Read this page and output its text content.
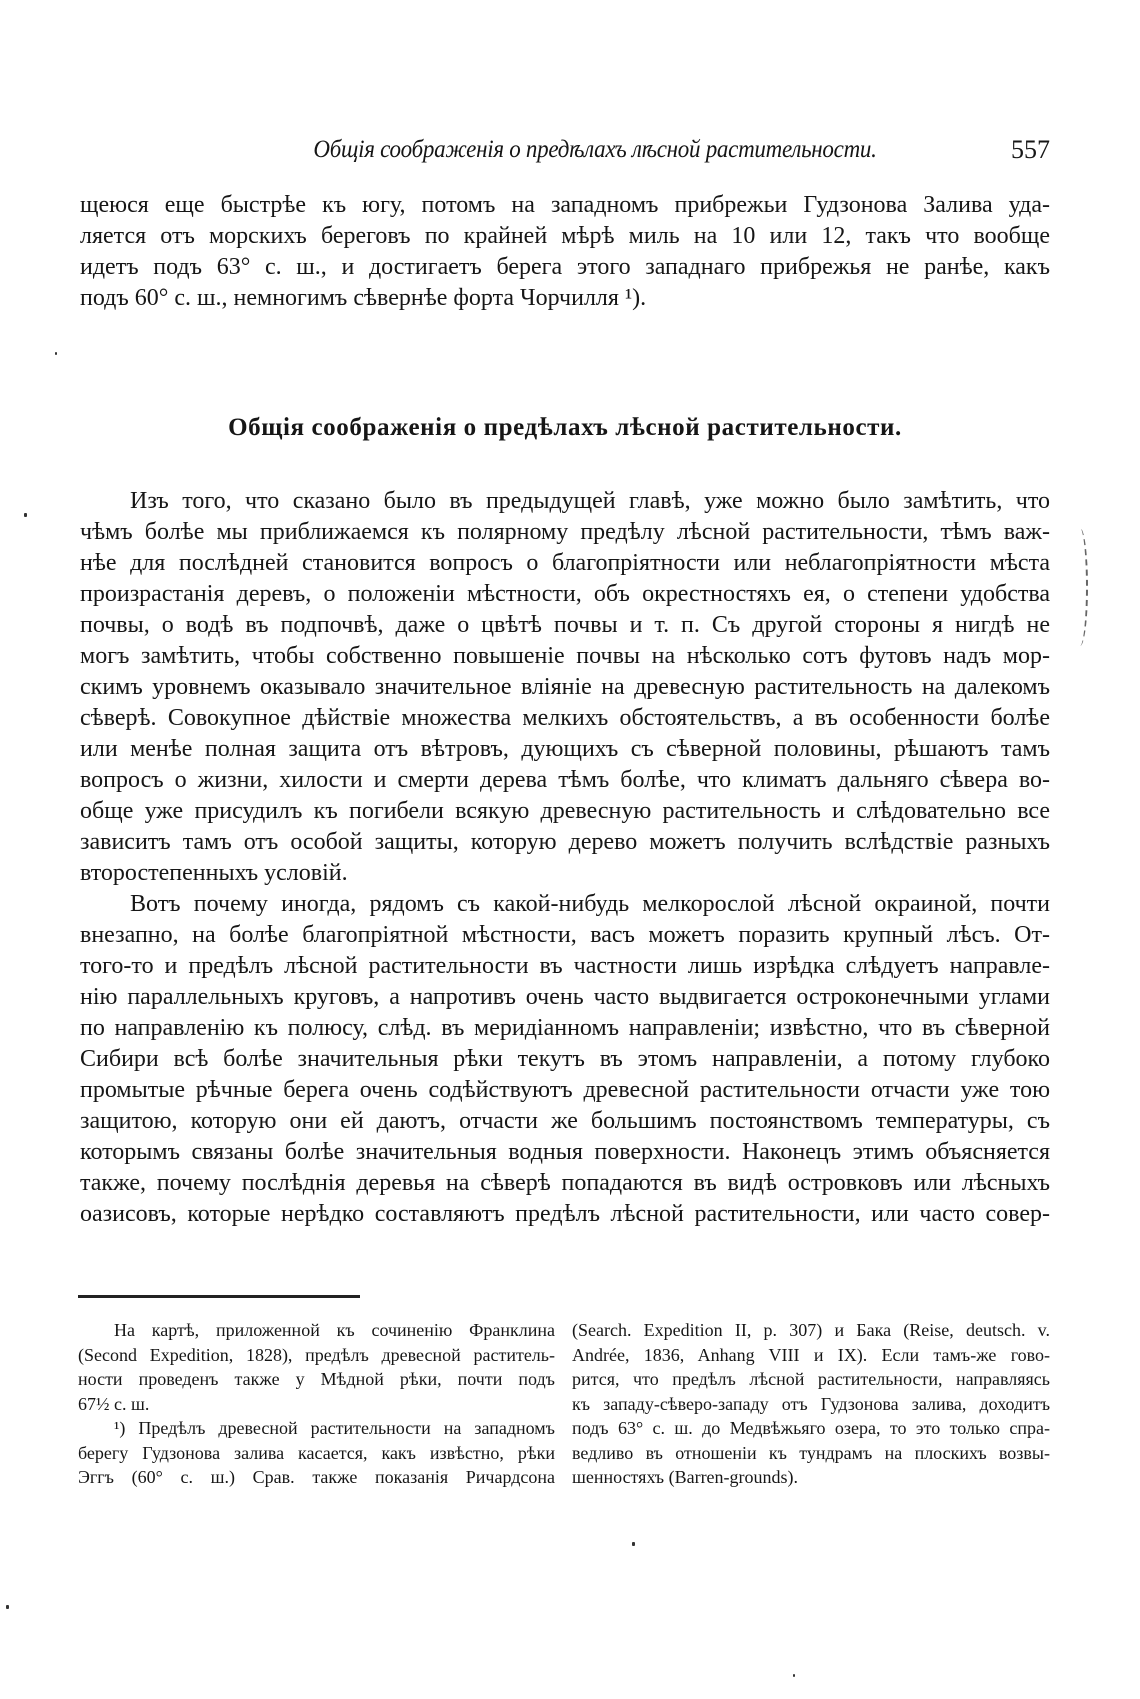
Общія соображенія о предѣлахъ лѣсной растительности.	557
щеюся еще быстрѣе къ югу, потомъ на западномъ прибрежьи Гудзонова Залива уда-
ляется отъ морскихъ береговъ по крайней мѣрѣ миль на 10 или 12, такъ что вообще
идетъ подъ 63° с. ш., и достигаетъ берега этого западнаго прибрежья не ранѣе, какъ
подъ 60° с. ш., немногимъ сѣвернѣе форта Чорчилля ¹).
Общія соображенія о предѣлахъ лѣсной растительности.
Изъ того, что сказано было въ предыдущей главѣ, уже можно было замѣтить, что
чѣмъ болѣе мы приближаемся къ полярному предѣлу лѣсной растительности, тѣмъ важ-
нѣе для послѣдней становится вопросъ о благопріятности или неблагопріятности мѣста
произрастанія деревъ, о положеніи мѣстности, объ окрестностяхъ ея, о степени удобства
почвы, о водѣ въ подпочвѣ, даже о цвѣтѣ почвы и т. п. Съ другой стороны я нигдѣ не
могъ замѣтить, чтобы собственно повышеніе почвы на нѣсколько сотъ футовъ надъ мор-
скимъ уровнемъ оказывало значительное вліяніе на древесную растительность на далекомъ
сѣверѣ. Совокупное дѣйствіе множества мелкихъ обстоятельствъ, а въ особенности болѣе
или менѣе полная защита отъ вѣтровъ, дующихъ съ сѣверной половины, рѣшаютъ тамъ
вопросъ о жизни, хилости и смерти дерева тѣмъ болѣе, что климатъ дальняго сѣвера во-
обще уже присудилъ къ погибели всякую древесную растительность и слѣдовательно все
зависитъ тамъ отъ особой защиты, которую дерево можетъ получить вслѣдствіе разныхъ
второстепенныхъ условій.
Вотъ почему иногда, рядомъ съ какой-нибудь мелкорослой лѣсной окраиной, почти
внезапно, на болѣе благопріятной мѣстности, васъ можетъ поразить крупный лѣсъ. От-
того-то и предѣлъ лѣсной растительности въ частности лишь изрѣдка слѣдуетъ направле-
нію параллельныхъ круговъ, а напротивъ очень часто выдвигается остроконечными углами
по направленію къ полюсу, слѣд. въ меридіанномъ направленіи; извѣстно, что въ сѣверной
Сибири всѣ болѣе значительныя рѣки текутъ въ этомъ направленіи, а потому глубоко
промытые рѣчные берега очень содѣйствуютъ древесной растительности отчасти уже тою
защитою, которую они ей даютъ, отчасти же большимъ постоянствомъ температуры, съ
которымъ связаны болѣе значительныя водныя поверхности. Наконецъ этимъ объясняется
также, почему послѣднія деревья на сѣверѣ попадаются въ видѣ островковъ или лѣсныхъ
оазисовъ, которые нерѣдко составляютъ предѣлъ лѣсной растительности, или часто совер-
На картѣ, приложенной къ сочиненію Франклина
(Second Expedition, 1828), предѣлъ древесной раститель-
ности проведенъ также у Мѣдной рѣки, почти подъ
67½ с. ш.
¹) Предѣлъ древесной растительности на западномъ
берегу Гудзонова залива касается, какъ извѣстно, рѣки
Эггъ (60° с. ш.) Срав. также показанія Ричардсона
(Search. Expedition II, p. 307) и Бака (Reise, deutsch. v.
Andrée, 1836, Anhang VIII и IX). Если тамъ-же гово-
рится, что предѣлъ лѣсной растительности, направляясь
къ западу-сѣверо-западу отъ Гудзонова залива, доходитъ
подъ 63° с. ш. до Медвѣжьяго озера, то это только спра-
ведливо въ отношеніи къ тундрамъ на плоскихъ возвы-
шенностяхъ (Barren-grounds).
